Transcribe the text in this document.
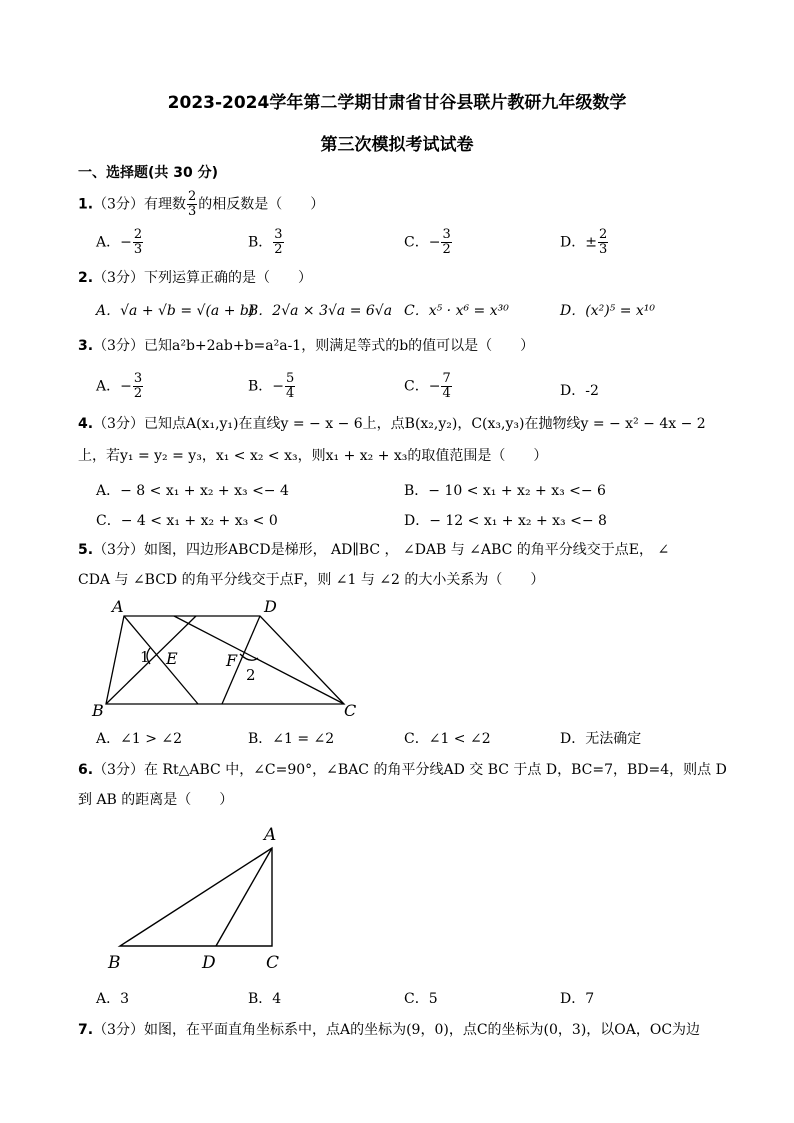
2023-2024学年第二学期甘肃省甘谷县联片教研九年级数学
第三次模拟考试试卷
一、选择题(共 30 分)
1.（3分）有理数 $\frac{2}{3}$ 的相反数是（　　）
A．− $\frac{2}{3}$	B． $\frac{3}{2}$	C．− $\frac{3}{2}$	D．± $\frac{2}{3}$
2.（3分）下列运算正确的是（　　）
A．√a + √b = √(a + b)
B．2√a × 3√a = 6√a C．x⁵ · x⁶ = x³⁰	D．(x²)⁵ = x¹⁰
3.（3分）已知a²b+2ab+b=a²a-1，则满足等式的b的值可以是（　　）
A．− $\frac{3}{2}$	B．− $\frac{5}{4}$	C．− $\frac{7}{4}$	D．-2
4.（3分）已知点A(x₁,y₁)在直线y = − x − 6上，点B(x₂,y₂)，C(x₃,y₃)在抛物线y = − x² − 4x − 2
上，若y₁ = y₂ = y₃，x₁ < x₂ < x₃，则x₁ + x₂ + x₃的取值范围是（　　）
A．− 8 < x₁ + x₂ + x₃ <− 4	B．− 10 < x₁ + x₂ + x₃ <− 6
C．− 4 < x₁ + x₂ + x₃ < 0	D．− 12 < x₁ + x₂ + x₃ <− 8
5.（3分）如图，四边形ABCD是梯形， AD∥BC ， ∠DAB 与 ∠ABC 的角平分线交于点E， ∠
CDA 与 ∠BCD 的角平分线交于点F，则 ∠1 与 ∠2 的大小关系为（　　）
A	D
B	C
E	F
1
2
A．∠1 > ∠2	B．∠1 = ∠2	C．∠1 < ∠2	D．无法确定
6.（3分）在 Rt△ABC 中，∠C=90°，∠BAC 的角平分线AD 交 BC 于点 D，BC=7，BD=4，则点 D
到 AB 的距离是（　　）
A
B	D	C
A．3	B．4	C．5	D．7
7.（3分）如图，在平面直角坐标系中，点A的坐标为(9，0)，点C的坐标为(0，3)，以OA，OC为边
